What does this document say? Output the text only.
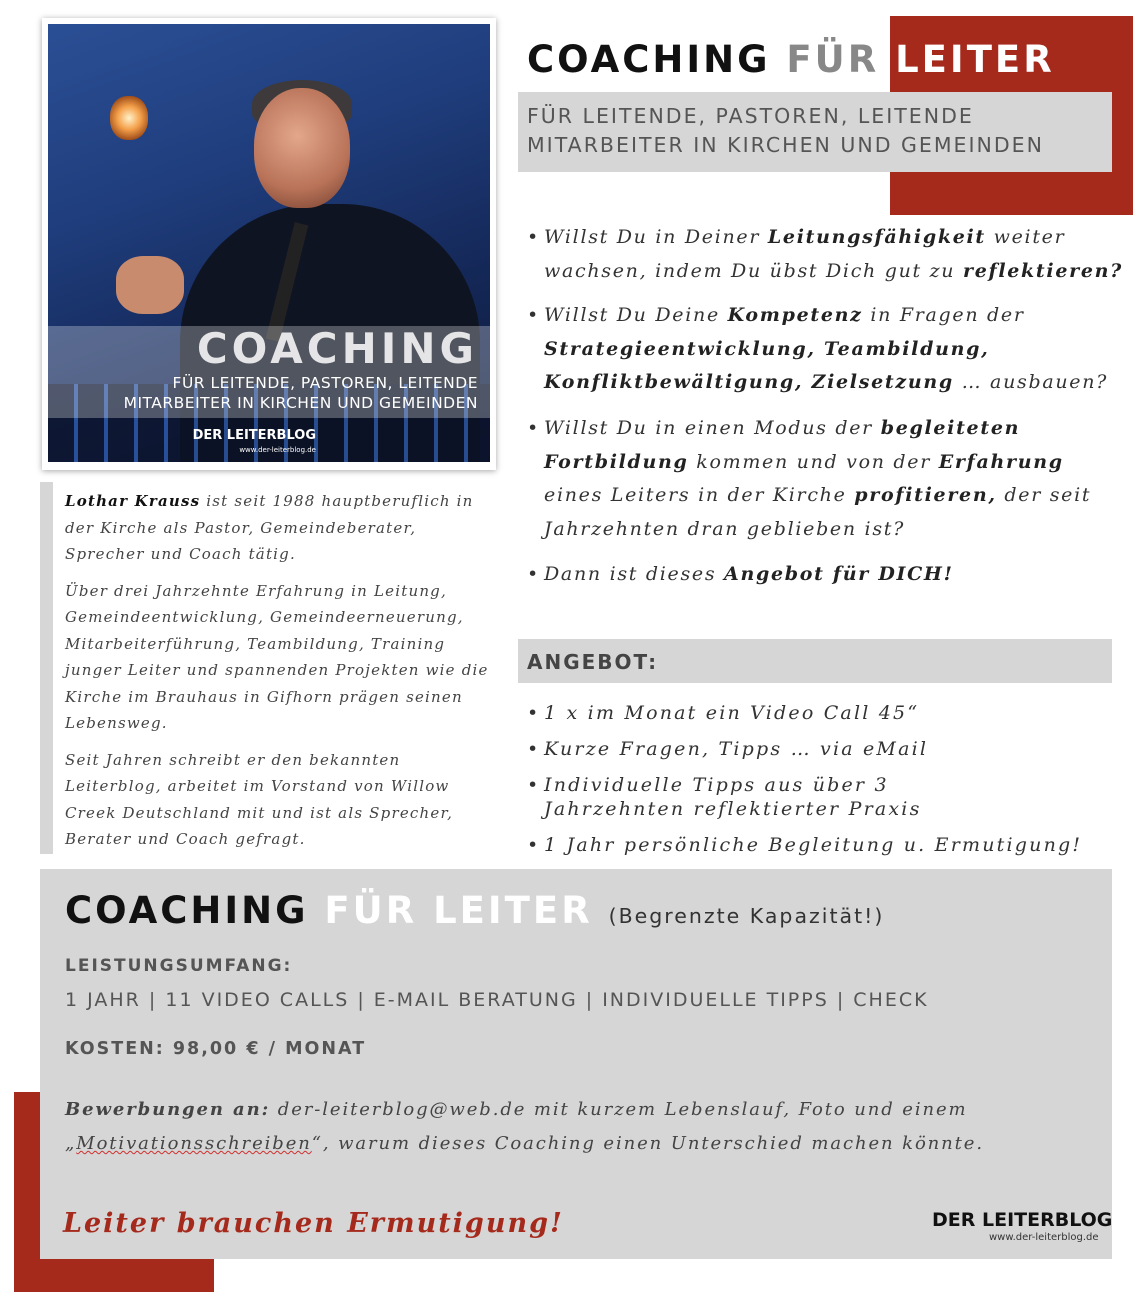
COACHING
FÜR LEITENDE, PASTOREN, LEITENDE
MITARBEITER IN KIRCHEN UND GEMEINDEN
DER LEITERBLOG
www.der-leiterblog.de

Lothar Krauss ist seit 1988 hauptberuflich in der Kirche als Pastor, Gemeindeberater, Sprecher und Coach tätig.

Über drei Jahrzehnte Erfahrung in Leitung, Gemeindeentwicklung, Gemeindeerneuerung, Mitarbeiterführung, Teambildung, Training junger Leiter und spannenden Projekten wie die Kirche im Brauhaus in Gifhorn prägen seinen Lebensweg.

Seit Jahren schreibt er den bekannten Leiterblog, arbeitet im Vorstand von Willow Creek Deutschland mit und ist als Sprecher, Berater und Coach gefragt.

COACHING FÜR LEITER
FÜR LEITENDE, PASTOREN, LEITENDE
MITARBEITER IN KIRCHEN UND GEMEINDEN
• Willst Du in Deiner Leitungsfähigkeit weiter wachsen, indem Du übst Dich gut zu reflektieren?
• Willst Du Deine Kompetenz in Fragen der Strategieentwicklung, Teambildung, Konfliktbewältigung, Zielsetzung … ausbauen?
• Willst Du in einen Modus der begleiteten Fortbildung kommen und von der Erfahrung eines Leiters in der Kirche profitieren, der seit Jahrzehnten dran geblieben ist?
• Dann ist dieses Angebot für DICH!
ANGEBOT:
• 1 x im Monat ein Video Call 45“
• Kurze Fragen, Tipps … via eMail
• Individuelle Tipps aus über 3 Jahrzehnten reflektierter Praxis
• 1 Jahr persönliche Begleitung u. Ermutigung!
COACHING FÜR LEITER (Begrenzte Kapazität!)
LEISTUNGSUMFANG:
1 JAHR | 11 VIDEO CALLS | E-MAIL BERATUNG | INDIVIDUELLE TIPPS | CHECK
KOSTEN: 98,00 € / MONAT
Bewerbungen an: der-leiterblog@web.de mit kurzem Lebenslauf, Foto und einem „Motivationsschreiben“, warum dieses Coaching einen Unterschied machen könnte.
Leiter brauchen Ermutigung!	DER LEITERBLOG
www.der-leiterblog.de
